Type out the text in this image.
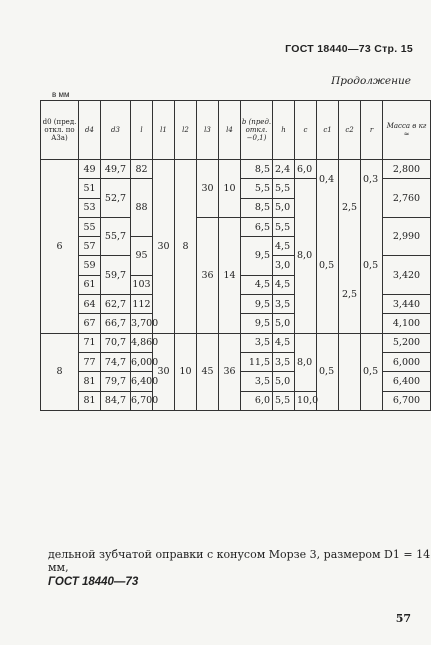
ГОСТ 18440—73 Стр. 15
Продолжение
в мм
d0 (пред. откл. по A3a)	d4	d3	l	l1	l2	l3	l4	b (пред. откл. −0,1)	h	c	c1	c2	r	Масса в кг ≈
6	49	49,7	82	30	8	30	10	8,5	2,4	6,0	0,4	2,5	0,3	2,800
	51	52,7	88					5,5	5,5	8,0				2,760
	53							8,5	5,0		0,5		0,5	
	55	55,7				36	14	6,5	5,5					2,990
	57		95					9,5	4,5					
	59	59,7							3,0			2,5		3,420
	61		103					4,5	4,5					
	64	62,7	112					9,5	3,5					3,440
	67	66,7	3,700					9,5	5,0					4,100
8	71	70,7	4,860	30	10	45	36	3,5	4,5	8,0	0,5		0,5	5,200
	77	74,7	6,000					11,5	3,5					6,000
	81	79,7	6,400					3,5	5,0					6,400
	81	84,7	6,700					6,0	5,5	10,0				6,700
дельной зубчатой оправки с конусом Морзе 3, размером D1 = 14 мм,
ГОСТ 18440—73
57
